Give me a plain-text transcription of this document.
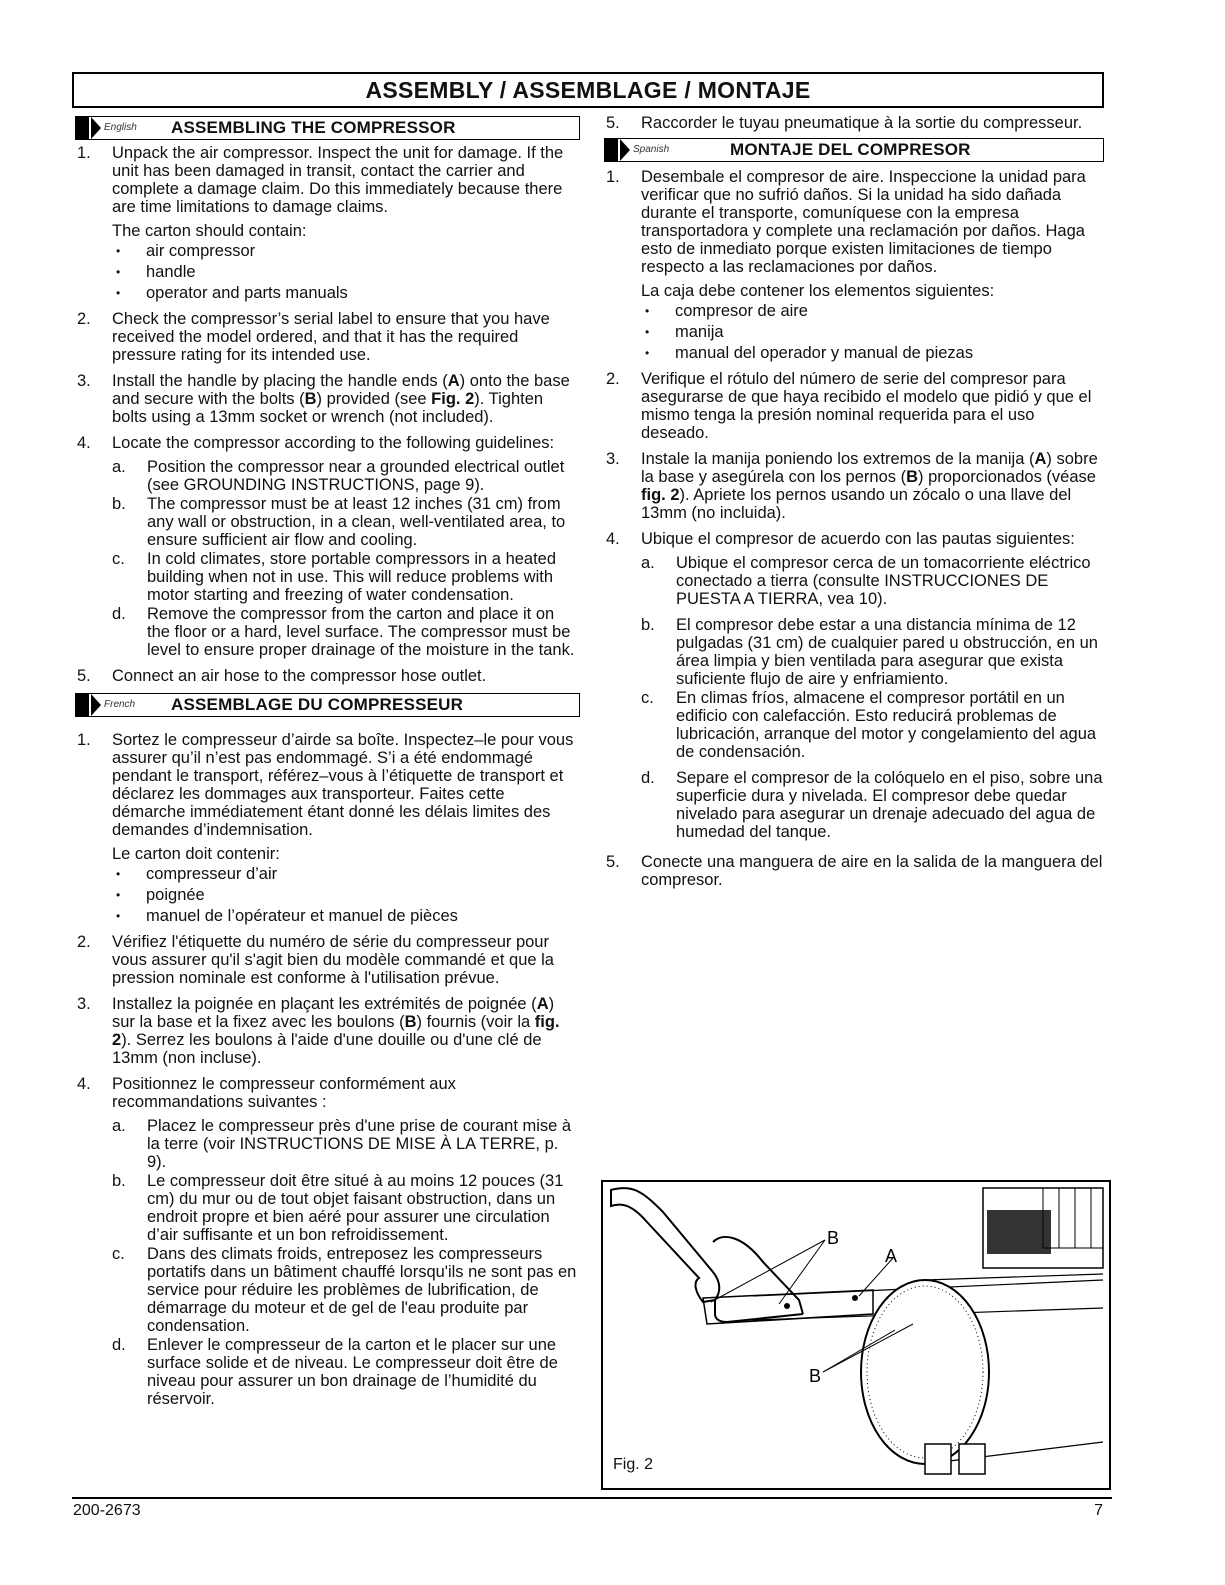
ASSEMBLY / ASSEMBLAGE / MONTAJE
English ASSEMBLING THE COMPRESSOR
1. Unpack the air compressor. Inspect the unit for damage. If the unit has been damaged in transit, contact the carrier and complete a damage claim. Do this immediately because there are time limitations to damage claims.
The carton should contain:
• air compressor
• handle
• operator and parts manuals
2. Check the compressor’s serial label to ensure that you have received the model ordered, and that it has the required pressure rating for its intended use.
3. Install the handle by placing the handle ends (A) onto the base and secure with the bolts (B) provided (see Fig. 2). Tighten bolts using a 13mm socket or wrench (not included).
4. Locate the compressor according to the following guidelines:
a. Position the compressor near a grounded electrical outlet (see GROUNDING INSTRUCTIONS, page 9).
b. The compressor must be at least 12 inches (31 cm) from any wall or obstruction, in a clean, well-ventilated area, to ensure sufficient air flow and cooling.
c. In cold climates, store portable compressors in a heated building when not in use. This will reduce problems with motor starting and freezing of water condensation.
d. Remove the compressor from the carton and place it on the floor or a hard, level surface. The compressor must be level to ensure proper drainage of the moisture in the tank.
5. Connect an air hose to the compressor hose outlet.
French ASSEMBLAGE DU COMPRESSEUR
1. Sortez le compresseur d’airde sa boîte. Inspectez–le pour vous assurer qu’il n’est pas endommagé. S’i a été endommagé pendant le transport, référez–vous à l’étiquette de transport et déclarez les dommages aux transporteur. Faites cette démarche immédiatement étant donné les délais limites des demandes d’indemnisation.
Le carton doit contenir:
• compresseur d’air
• poignée
• manuel de l’opérateur et manuel de pièces
2. Vérifiez l'étiquette du numéro de série du compresseur pour vous assurer qu'il s'agit bien du modèle commandé et que la pression nominale est conforme à l'utilisation prévue.
3. Installez la poignée en plaçant les extrémités de poignée (A) sur la base et la fixez avec les boulons (B) fournis (voir la fig. 2). Serrez les boulons à l'aide d'une douille ou d'une clé de 13mm (non incluse).
4. Positionnez le compresseur conformément aux recommandations suivantes :
a. Placez le compresseur près d'une prise de courant mise à la terre (voir INSTRUCTIONS DE MISE À LA TERRE, p. 9).
b. Le compresseur doit être situé à au moins 12 pouces (31 cm) du mur ou de tout objet faisant obstruction, dans un endroit propre et bien aéré pour assurer une circulation d’air suffisante et un bon refroidissement.
c. Dans des climats froids, entreposez les compresseurs portatifs dans un bâtiment chauffé lorsqu'ils ne sont pas en service pour réduire les problèmes de lubrification, de démarrage du moteur et de gel de l'eau produite par condensation.
d. Enlever le compresseur de la carton et le placer sur une surface solide et de niveau. Le compresseur doit être de niveau pour assurer un bon drainage de l’humidité du réservoir.
5. Raccorder le tuyau pneumatique à la sortie du compresseur.
Spanish	MONTAJE DEL COMPRESOR
1. Desembale el compresor de aire. Inspeccione la unidad para verificar que no sufrió daños. Si la unidad ha sido dañada durante el transporte, comuníquese con la empresa transportadora y complete una reclamación por daños. Haga esto de inmediato porque existen limitaciones de tiempo respecto a las reclamaciones por daños.
La caja debe contener los elementos siguientes:
• compresor de aire
• manija
• manual del operador y manual de piezas
2. Verifique el rótulo del número de serie del compresor para asegurarse de que haya recibido el modelo que pidió y que el mismo tenga la presión nominal requerida para el uso deseado.
3. Instale la manija poniendo los extremos de la manija (A) sobre la base y asegúrela con los pernos (B) proporcionados (véase fig. 2). Apriete los pernos usando un zócalo o una llave del 13mm (no incluida).
4. Ubique el compresor de acuerdo con las pautas siguientes:
a. Ubique el compresor cerca de un tomacorriente eléctrico conectado a tierra (consulte INSTRUCCIONES DE PUESTA A TIERRA, vea 10).
b. El compresor debe estar a una distancia mínima de 12 pulgadas (31 cm) de cualquier pared u obstrucción, en un área limpia y bien ventilada para asegurar que exista suficiente flujo de aire y enfriamiento.
c. En climas fríos, almacene el compresor portátil en un edificio con calefacción. Esto reducirá problemas de lubricación, arranque del motor y congelamiento del agua de condensación.
d. Separe el compresor de la colóquelo en el piso, sobre una superficie dura y nivelada. El compresor debe quedar nivelado para asegurar un drenaje adecuado del agua de humedad del tanque.
5. Conecte una manguera de aire en la salida de la manguera del compresor.
B
A
B
Fig. 2
200-2673	7
